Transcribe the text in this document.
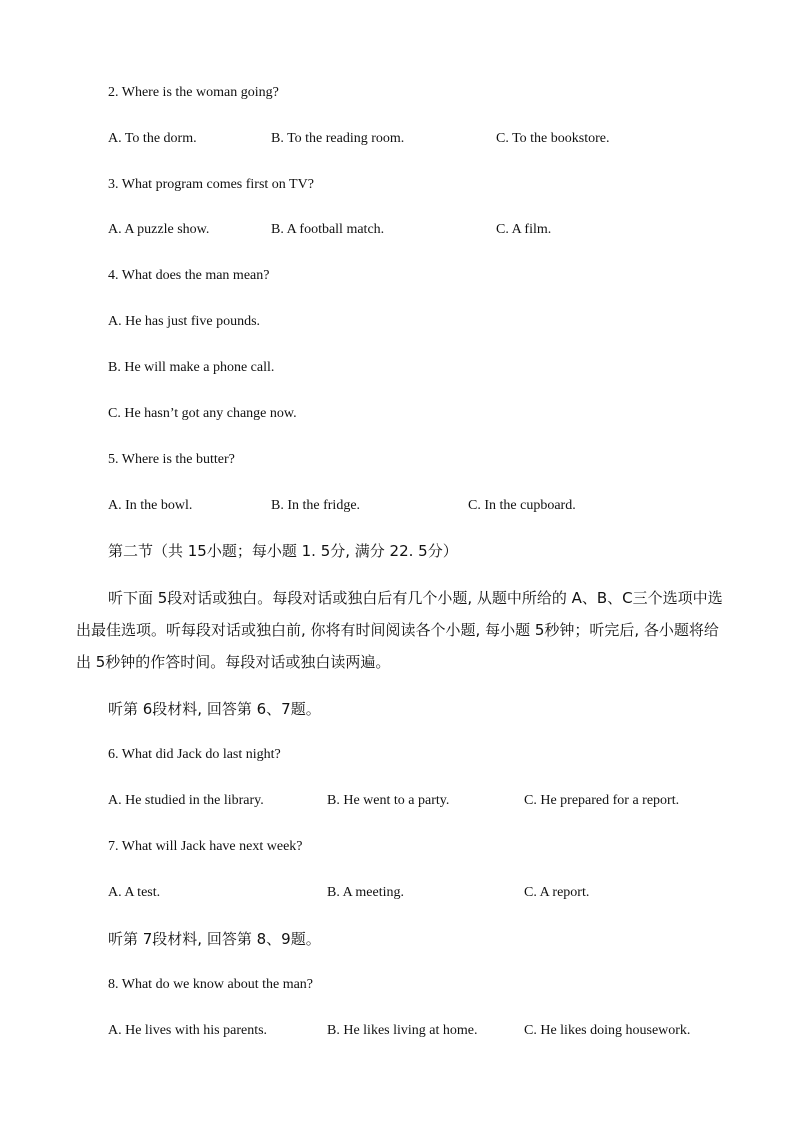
2. Where is the woman going?
A. To the dorm.	B. To the reading room.	C. To the bookstore.
3. What program comes first on TV?
A. A puzzle show.	B. A football match.	C. A film.
4. What does the man mean?
A. He has just five pounds.
B. He will make a phone call.
C. He hasn’t got any change now.
5. Where is the butter?
A. In the bowl.	B. In the fridge.	C. In the cupboard.
第二节（共 15小题；每小题 1. 5分, 满分 22. 5分）
听下面 5段对话或独白。每段对话或独白后有几个小题, 从题中所给的 A、B、C三个选项中选出最佳选项。听每段对话或独白前, 你将有时间阅读各个小题, 每小题 5秒钟；听完后, 各小题将给出 5秒钟的作答时间。每段对话或独白读两遍。
听第 6段材料, 回答第 6、7题。
6. What did Jack do last night?
A. He studied in the library.	B. He went to a party.	C. He prepared for a report.
7. What will Jack have next week?
A. A test.	B. A meeting.	C. A report.
听第 7段材料, 回答第 8、9题。
8. What do we know about the man?
A. He lives with his parents.	B. He likes living at home.	C. He likes doing housework.
